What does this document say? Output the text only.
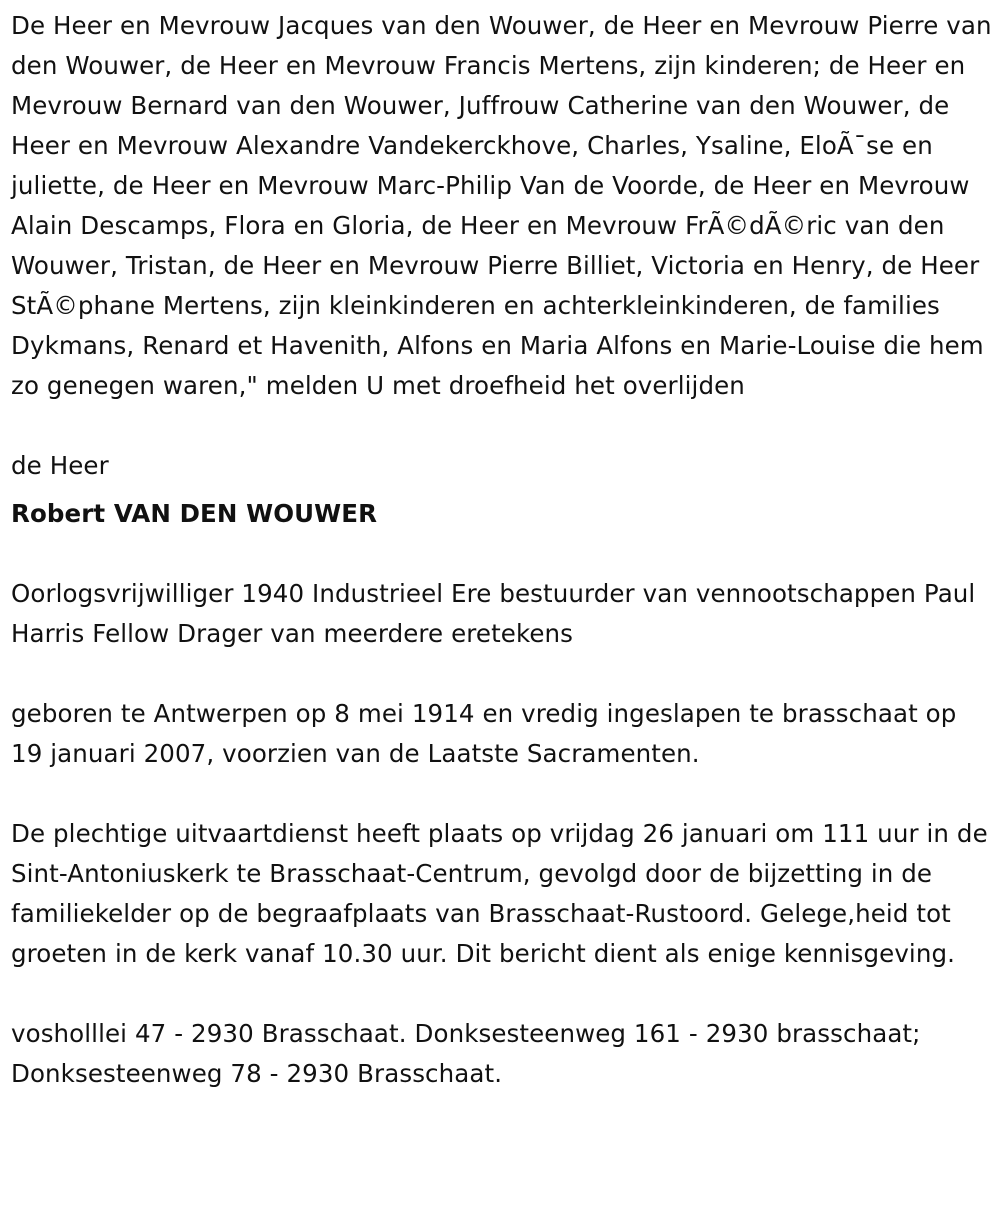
De Heer en Mevrouw Jacques van den Wouwer, de Heer en Mevrouw Pierre van den Wouwer, de Heer en Mevrouw Francis Mertens, zijn kinderen; de Heer en Mevrouw Bernard van den Wouwer, Juffrouw Catherine van den Wouwer, de Heer en Mevrouw Alexandre Vandekerckhove, Charles, Ysaline, EloÃ¯se en juliette, de Heer en Mevrouw Marc-Philip Van de Voorde, de Heer en Mevrouw Alain Descamps, Flora en Gloria, de Heer en Mevrouw FrÃ©dÃ©ric van den Wouwer, Tristan, de Heer en Mevrouw Pierre Billiet, Victoria en Henry, de Heer StÃ©phane Mertens, zijn kleinkinderen en achterkleinkinderen, de families Dykmans, Renard et Havenith, Alfons en Maria Alfons en Marie-Louise die hem zo genegen waren," melden U met droefheid het overlijden

de Heer

Robert VAN DEN WOUWER

Oorlogsvrijwilliger 1940 Industrieel Ere bestuurder van vennootschappen Paul Harris Fellow Drager van meerdere eretekens

geboren te Antwerpen op 8 mei 1914 en vredig ingeslapen te brasschaat op 19 januari 2007, voorzien van de Laatste Sacramenten.

De plechtige uitvaartdienst heeft plaats op vrijdag 26 januari om 111 uur in de Sint-Antoniuskerk te Brasschaat-Centrum, gevolgd door de bijzetting in de familiekelder op de begraafplaats van Brasschaat-Rustoord. Gelege,heid tot groeten in de kerk vanaf 10.30 uur. Dit bericht dient als enige kennisgeving.

vosholllei 47 - 2930 Brasschaat. Donksesteenweg 161 - 2930 brasschaat; Donksesteenweg 78 - 2930 Brasschaat.
